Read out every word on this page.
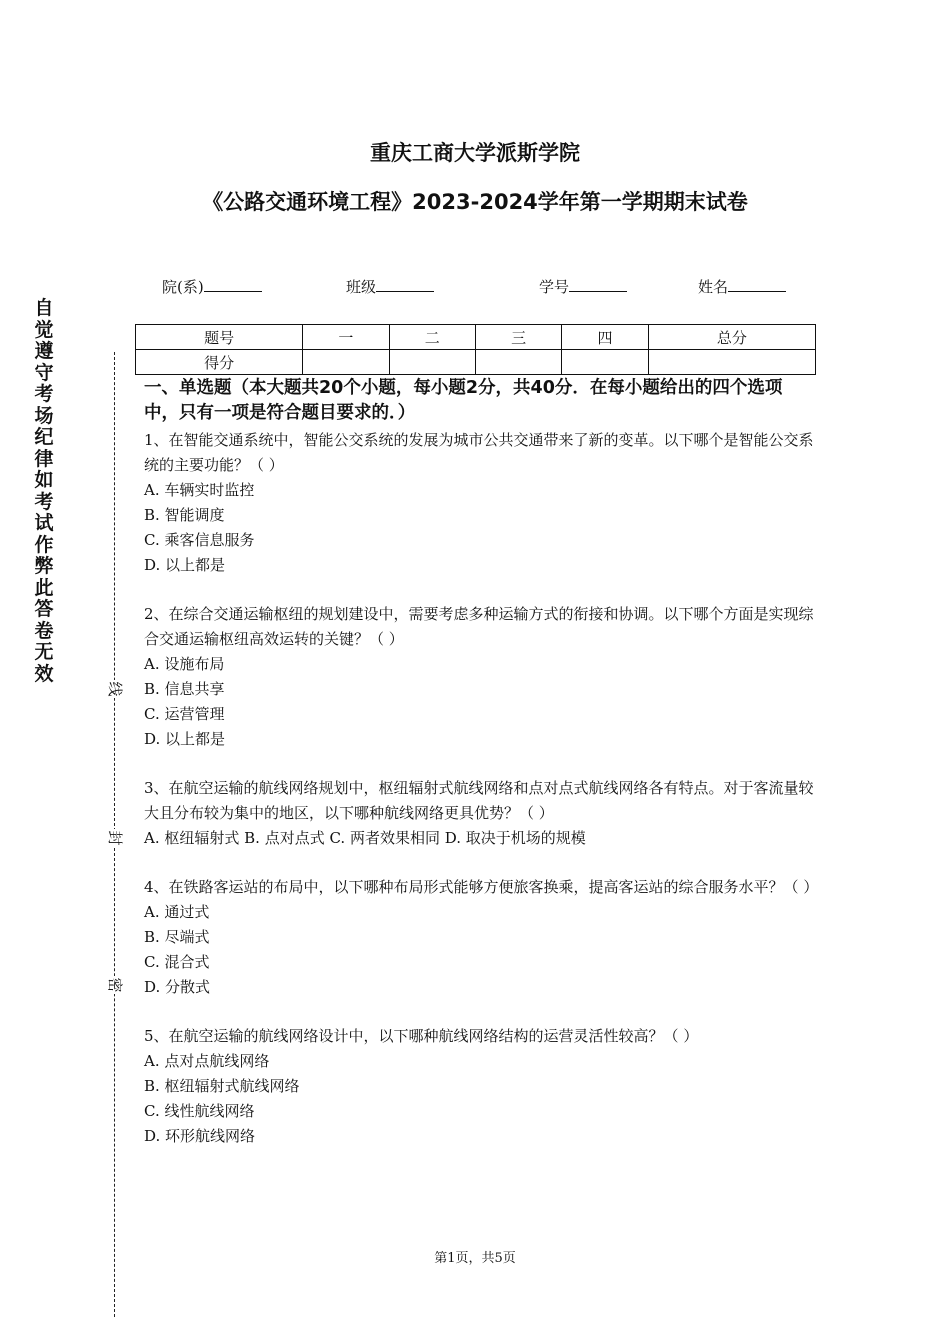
重庆工商大学派斯学院
《公路交通环境工程》2023-2024学年第一学期期末试卷
院(系)	班级	学号	姓名
题号	一	二	三	四	总分
得分					
自觉遵守考场纪律如考试作弊此答卷无效
线
封
密
一、单选题（本大题共20个小题，每小题2分，共40分．在每小题给出的四个选项中，只有一项是符合题目要求的．）
1、在智能交通系统中，智能公交系统的发展为城市公共交通带来了新的变革。以下哪个是智能公交系统的主要功能？（ ）
A. 车辆实时监控
B. 智能调度
C. 乘客信息服务
D. 以上都是
2、在综合交通运输枢纽的规划建设中，需要考虑多种运输方式的衔接和协调。以下哪个方面是实现综合交通运输枢纽高效运转的关键？（ ）
A. 设施布局
B. 信息共享
C. 运营管理
D. 以上都是
3、在航空运输的航线网络规划中，枢纽辐射式航线网络和点对点式航线网络各有特点。对于客流量较大且分布较为集中的地区，以下哪种航线网络更具优势？（ ）
A. 枢纽辐射式 B. 点对点式 C. 两者效果相同 D. 取决于机场的规模
4、在铁路客运站的布局中，以下哪种布局形式能够方便旅客换乘，提高客运站的综合服务水平？（ ）
A. 通过式
B. 尽端式
C. 混合式
D. 分散式
5、在航空运输的航线网络设计中，以下哪种航线网络结构的运营灵活性较高？（ ）
A. 点对点航线网络
B. 枢纽辐射式航线网络
C. 线性航线网络
D. 环形航线网络
第1页，共5页
